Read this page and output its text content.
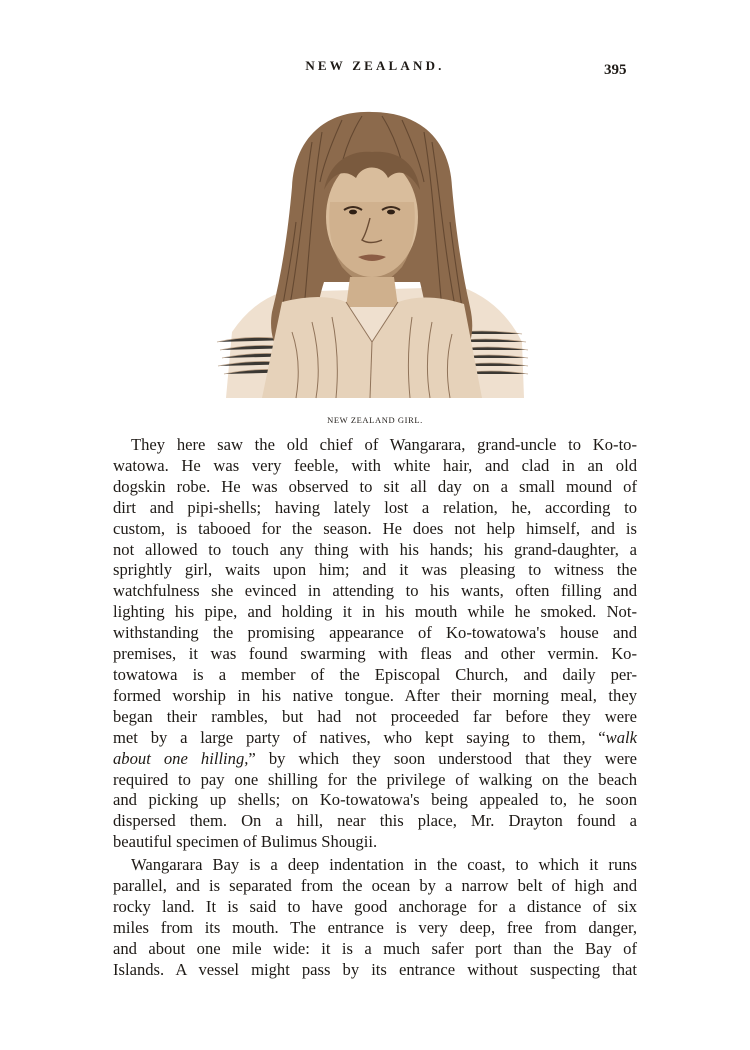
NEW ZEALAND.	395
NEW ZEALAND GIRL.

They here saw the old chief of Wangarara, grand-uncle to Ko-to-
watowa. He was very feeble, with white hair, and clad in an old
dogskin robe. He was observed to sit all day on a small mound of
dirt and pipi-shells; having lately lost a relation, he, according to
custom, is tabooed for the season. He does not help himself, and is
not allowed to touch any thing with his hands; his grand-daughter, a
sprightly girl, waits upon him; and it was pleasing to witness the
watchfulness she evinced in attending to his wants, often filling and
lighting his pipe, and holding it in his mouth while he smoked. Not-
withstanding the promising appearance of Ko-towatowa's house and
premises, it was found swarming with fleas and other vermin. Ko-
towatowa is a member of the Episcopal Church, and daily per-
formed worship in his native tongue. After their morning meal, they
began their rambles, but had not proceeded far before they were
met by a large party of natives, who kept saying to them, “walk
about one hilling,” by which they soon understood that they were
required to pay one shilling for the privilege of walking on the beach
and picking up shells; on Ko-towatowa's being appealed to, he soon
dispersed them. On a hill, near this place, Mr. Drayton found a
beautiful specimen of Bulimus Shougii.

Wangarara Bay is a deep indentation in the coast, to which it runs
parallel, and is separated from the ocean by a narrow belt of high and
rocky land. It is said to have good anchorage for a distance of six
miles from its mouth. The entrance is very deep, free from danger,
and about one mile wide: it is a much safer port than the Bay of
Islands. A vessel might pass by its entrance without suspecting that
